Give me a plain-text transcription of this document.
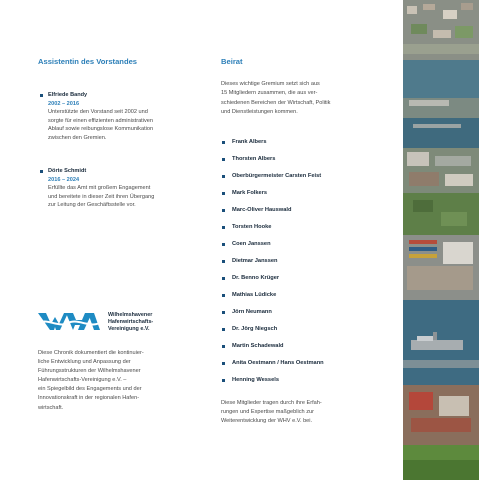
Assistentin des Vorstandes
Elfriede Bandy
2002 – 2016
Unterstützte den Vorstand seit 2002 und
sorgte für einen effizienten administrativen
Ablauf sowie reibungslose Kommunikation
zwischen den Gremien.
Dörte Schmidt
2016 – 2024
Erfüllte das Amt mit großem Engagement
und bereitete in dieser Zeit ihren Übergang
zur Leitung der Geschäftsstelle vor.
Wilhelmshavener
Hafenwirtschafts-
Vereinigung e.V.
Diese Chronik dokumentiert die kontinuier-
liche Entwicklung und Anpassung der
Führungsstrukturen der Wilhelmshavener
Hafenwirtschafts-Vereinigung e.V. –
ein Spiegelbild des Engagements und der
Innovationskraft in der regionalen Hafen-
wirtschaft.
Beirat
Dieses wichtige Gremium setzt sich aus
15 Mitgliedern zusammen, die aus ver-
schiedenen Bereichen der Wirtschaft, Politik
und Dienstleistungen kommen.
Frank Albers
Thorsten Albers
Oberbürgermeister Carsten Feist
Mark Folkers
Marc-Oliver Hauswald
Torsten Hooke
Coen Janssen
Dietmar Janssen
Dr. Benno Krüger
Mathias Lüdicke
Jörn Neumann
Dr. Jörg Niegsch
Martin Schadewald
Anita Oestmann / Hans Oestmann
Henning Wessels
Diese Mitglieder tragen durch ihre Erfah-
rungen und Expertise maßgeblich zur
Weiterentwicklung der WHV e.V. bei.
